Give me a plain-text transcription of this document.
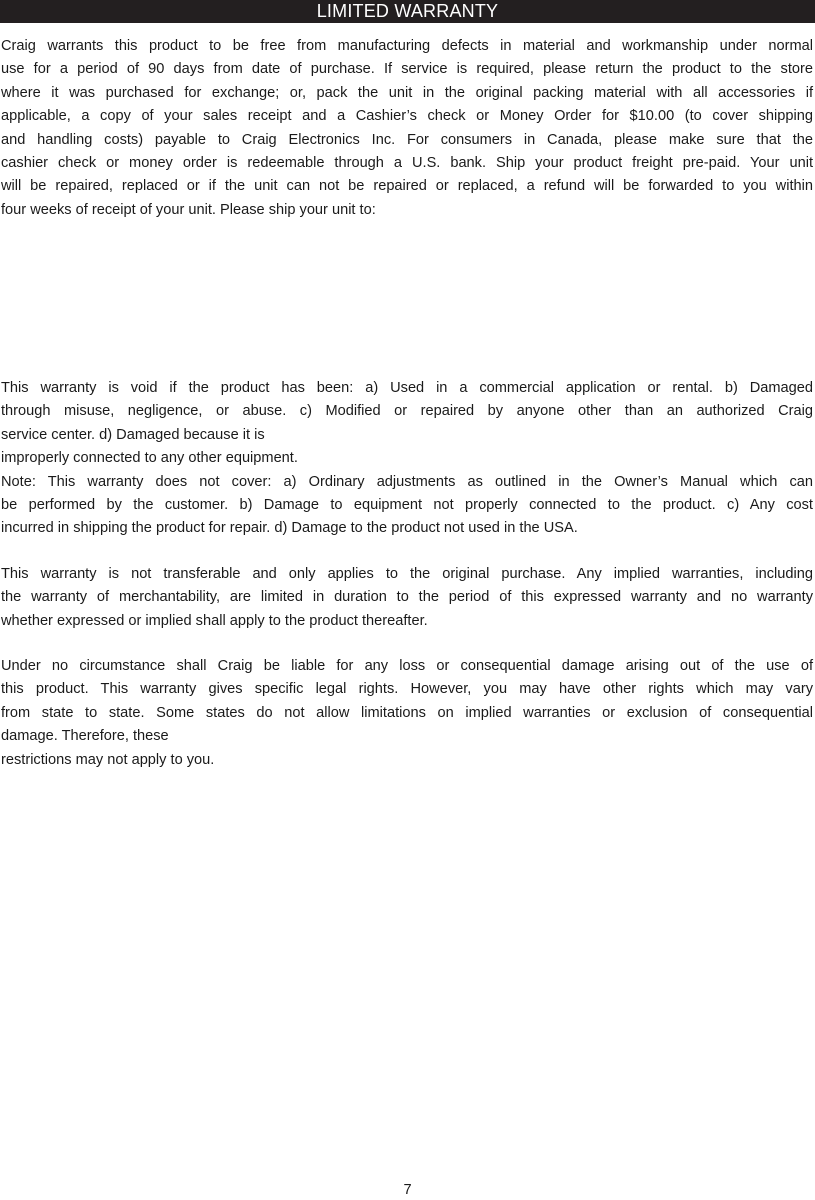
LIMITED WARRANTY
Craig warrants this product to be free from manufacturing defects in material and workmanship under normal
use for a period of 90 days from date of purchase. If service is required, please return the product to the store
where it was purchased for exchange; or, pack the unit in the original packing material with all accessories if
applicable, a copy of your sales receipt and a Cashier’s check or Money Order for $10.00 (to cover shipping
and handling costs) payable to Craig Electronics Inc. For consumers in Canada, please make sure that the
cashier check or money order is redeemable through a U.S. bank. Ship your product freight pre-paid. Your unit
will be repaired, replaced or if the unit can not be repaired or replaced, a refund will be forwarded to you within
four weeks of receipt of your unit. Please ship your unit to:
This warranty is void if the product has been: a) Used in a commercial application or rental. b) Damaged
through misuse, negligence, or abuse. c) Modified or repaired by anyone other than an authorized Craig
service center. d) Damaged because it is
improperly connected to any other equipment.
Note: This warranty does not cover: a) Ordinary adjustments as outlined in the Owner’s Manual which can
be performed by the customer. b) Damage to equipment not properly connected to the product. c) Any cost
incurred in shipping the product for repair. d) Damage to the product not used in the USA.
This warranty is not transferable and only applies to the original purchase. Any implied warranties, including
the warranty of merchantability, are limited in duration to the period of this expressed warranty and no warranty
whether expressed or implied shall apply to the product thereafter.
Under no circumstance shall Craig be liable for any loss or consequential damage arising out of the use of
this product. This warranty gives specific legal rights. However, you may have other rights which may vary
from state to state. Some states do not allow limitations on implied warranties or exclusion of consequential
damage. Therefore, these
restrictions may not apply to you.
7
